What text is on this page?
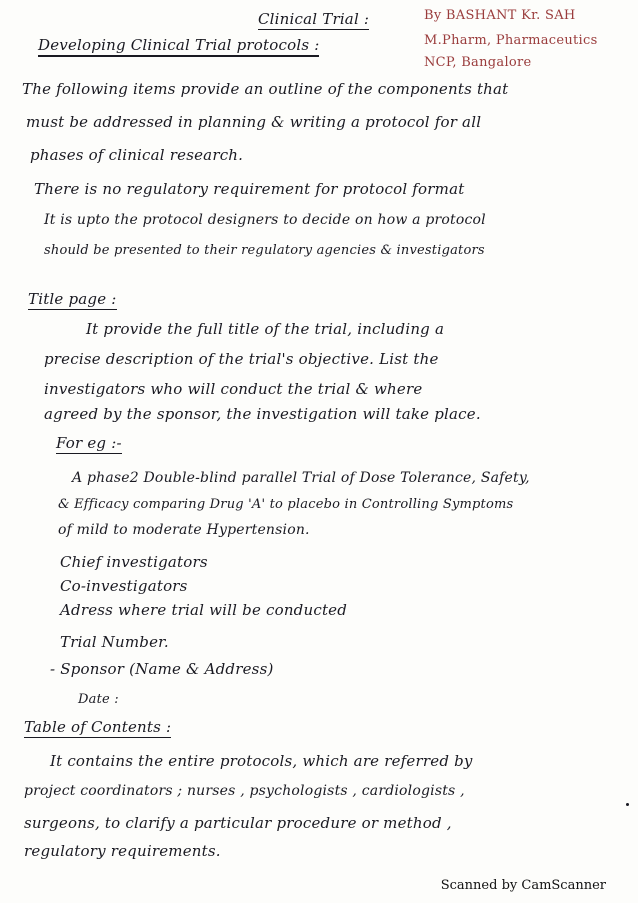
Clinical Trial :
Developing Clinical Trial protocols :
By BASHANT Kr. SAH
M.Pharm, Pharmaceutics
NCP, Bangalore
The following items provide an outline of the components that
must be addressed in planning & writing a protocol for all
phases of clinical research.
There is no regulatory requirement for protocol format
It is upto the protocol designers to decide on how a protocol
should be presented to their regulatory agencies & investigators
Title page :
It provide the full title of the trial, including a
precise description of the trial's objective. List the
investigators who will conduct the trial & where
agreed by the sponsor, the investigation will take place.
For eg :-
A phase2 Double-blind parallel Trial of Dose Tolerance, Safety,
& Efficacy comparing Drug 'A' to placebo in Controlling Symptoms
of mild to moderate Hypertension.
Chief investigators
Co-investigators
Adress where trial will be conducted
Trial Number.
- Sponsor (Name & Address)
Date :
Table of Contents :
It contains the entire protocols, which are referred by
project coordinators ; nurses , psychologists , cardiologists ,
surgeons, to clarify a particular procedure or method ,
regulatory requirements.
Scanned by CamScanner
